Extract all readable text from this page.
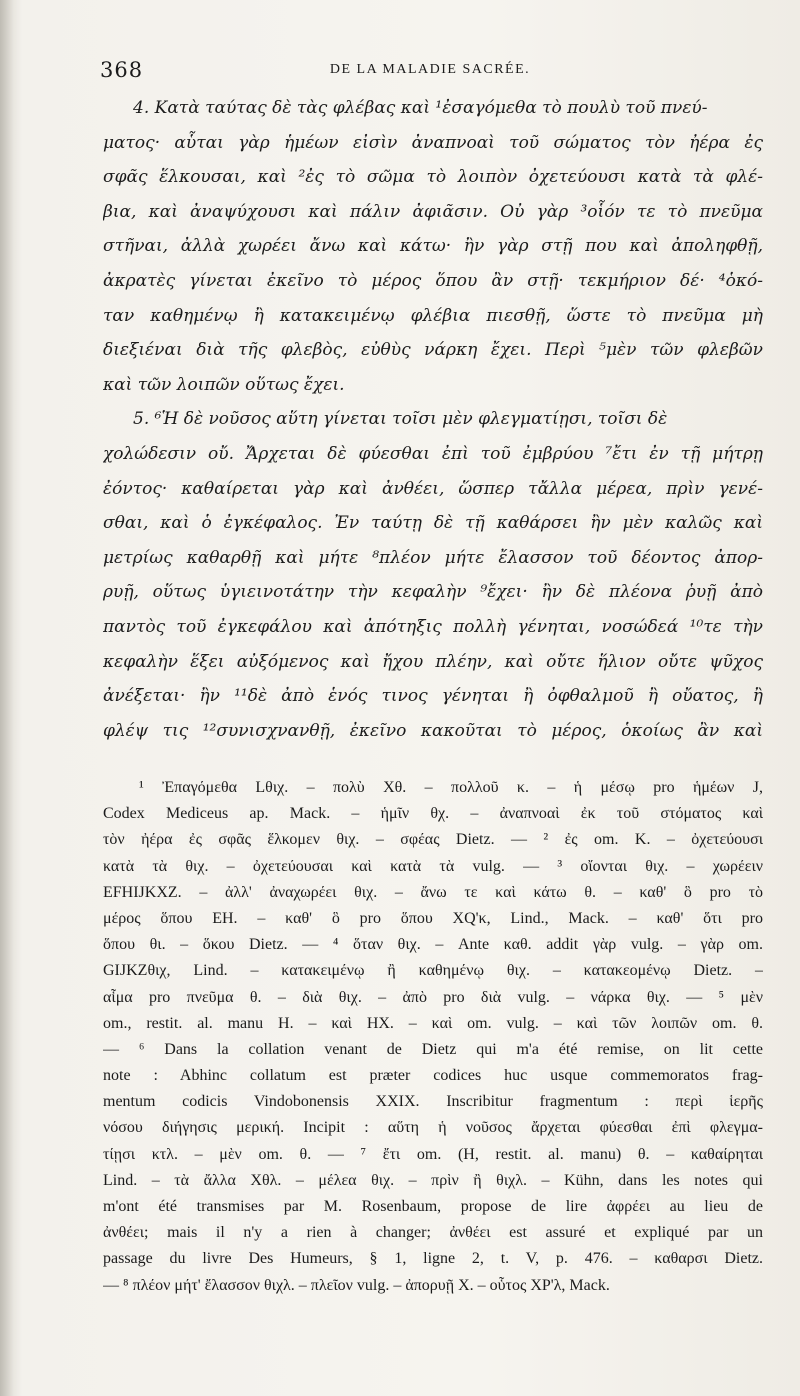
368	DE LA MALADIE SACRÉE.

4. Κατὰ ταύτας δὲ τὰς φλέβας καὶ ¹ἐσαγόμεθα τὸ πουλὺ τοῦ πνεύ-

ματος· αὗται γὰρ ἡμέων εἰσὶν ἀναπνοαὶ τοῦ σώματος τὸν ἠέρα ἐς

σφᾶς ἕλκουσαι, καὶ ²ἐς τὸ σῶμα τὸ λοιπὸν ὀχετεύουσι κατὰ τὰ φλέ-

βια, καὶ ἀναψύχουσι καὶ πάλιν ἀφιᾶσιν. Οὐ γὰρ ³οἷόν τε τὸ πνεῦμα

στῆναι, ἀλλὰ χωρέει ἄνω καὶ κάτω· ἢν γὰρ στῇ που καὶ ἀποληφθῇ,

ἀκρατὲς γίνεται ἐκεῖνο τὸ μέρος ὅπου ἂν στῇ· τεκμήριον δέ· ⁴ὁκό-

ταν καθημένῳ ἢ κατακειμένῳ φλέβια πιεσθῇ, ὥστε τὸ πνεῦμα μὴ

διεξιέναι διὰ τῆς φλεβὸς, εὐθὺς νάρκη ἔχει. Περὶ ⁵μὲν τῶν φλεβῶν

καὶ τῶν λοιπῶν οὕτως ἔχει.

5. ⁶Ἡ δὲ νοῦσος αὕτη γίνεται τοῖσι μὲν φλεγματίῃσι, τοῖσι δὲ

χολώδεσιν οὔ. Ἄρχεται δὲ φύεσθαι ἐπὶ τοῦ ἐμβρύου ⁷ἔτι ἐν τῇ μήτρῃ

ἐόντος· καθαίρεται γὰρ καὶ ἀνθέει, ὥσπερ τἄλλα μέρεα, πρὶν γενέ-

σθαι, καὶ ὁ ἐγκέφαλος. Ἐν ταύτῃ δὲ τῇ καθάρσει ἢν μὲν καλῶς καὶ

μετρίως καθαρθῇ καὶ μήτε ⁸πλέον μήτε ἔλασσον τοῦ δέοντος ἀπορ-

ρυῇ, οὕτως ὑγιεινοτάτην τὴν κεφαλὴν ⁹ἔχει· ἢν δὲ πλέονα ῥυῇ ἀπὸ

παντὸς τοῦ ἐγκεφάλου καὶ ἀπότηξις πολλὴ γένηται, νοσώδεά ¹⁰τε τὴν

κεφαλὴν ἕξει αὐξόμενος καὶ ἤχου πλέην, καὶ οὔτε ἥλιον οὔτε ψῦχος

ἀνέξεται· ἢν ¹¹δὲ ἀπὸ ἑνός τινος γένηται ἢ ὀφθαλμοῦ ἢ οὔατος, ἢ

φλέψ τις ¹²συνισχνανθῇ, ἐκεῖνο κακοῦται τὸ μέρος, ὁκοίως ἂν καὶ

¹ Ἐπαγόμεθα Lθιχ. – πολὺ Xθ. – πολλοῦ κ. – ἡ μέσῳ pro ἡμέων J,

Codex Mediceus ap. Mack. – ἡμῖν θχ. – ἀναπνοαὶ ἐκ τοῦ στόματος καὶ

τὸν ἠέρα ἐς σφᾶς ἕλκομεν θιχ. – σφέας Dietz. — ² ἐς om. K. – ὀχετεύουσι

κατὰ τὰ θιχ. – ὀχετεύουσαι καὶ κατὰ τὰ vulg. — ³ οἴονται θιχ. – χωρέειν

EFHIJKXZ. – ἀλλ' ἀναχωρέει θιχ. – ἄνω τε καὶ κάτω θ. – καθ' ὃ pro τὸ

μέρος ὅπου EH. – καθ' ὃ pro ὅπου XQ'κ, Lind., Mack. – καθ' ὅτι pro

ὅπου θι. – ὅκου Dietz. — ⁴ ὅταν θιχ. – Ante καθ. addit γὰρ vulg. – γὰρ om.

GIJKZθιχ, Lind. – κατακειμένῳ ἢ καθημένῳ θιχ. – κατακεομένῳ Dietz. –

αἷμα pro πνεῦμα θ. – διὰ θιχ. – ἀπὸ pro διὰ vulg. – νάρκα θιχ. — ⁵ μὲν

om., restit. al. manu H. – καὶ HX. – καὶ om. vulg. – καὶ τῶν λοιπῶν om. θ.

— ⁶ Dans la collation venant de Dietz qui m'a été remise, on lit cette

note : Abhinc collatum est præter codices huc usque commemoratos frag-

mentum codicis Vindobonensis XXIX. Inscribitur fragmentum : περὶ ἱερῆς

νόσου διήγησις μερική. Incipit : αὕτη ἡ νοῦσος ἄρχεται φύεσθαι ἐπὶ φλεγμα-

τίῃσι κτλ. – μὲν om. θ. — ⁷ ἔτι om. (H, restit. al. manu) θ. – καθαίρηται

Lind. – τὰ ἄλλα Xθλ. – μέλεα θιχ. – πρὶν ἢ θιχλ. – Kühn, dans les notes qui

m'ont été transmises par M. Rosenbaum, propose de lire ἀφρέει au lieu de

ἀνθέει; mais il n'y a rien à changer; ἀνθέει est assuré et expliqué par un

passage du livre Des Humeurs, § 1, ligne 2, t. V, p. 476. – καθαρσι Dietz.

— ⁸ πλέον μήτ' ἔλασσον θιχλ. – πλεῖον vulg. – ἀπορυῇ X. – οὗτος XP'λ, Mack.
